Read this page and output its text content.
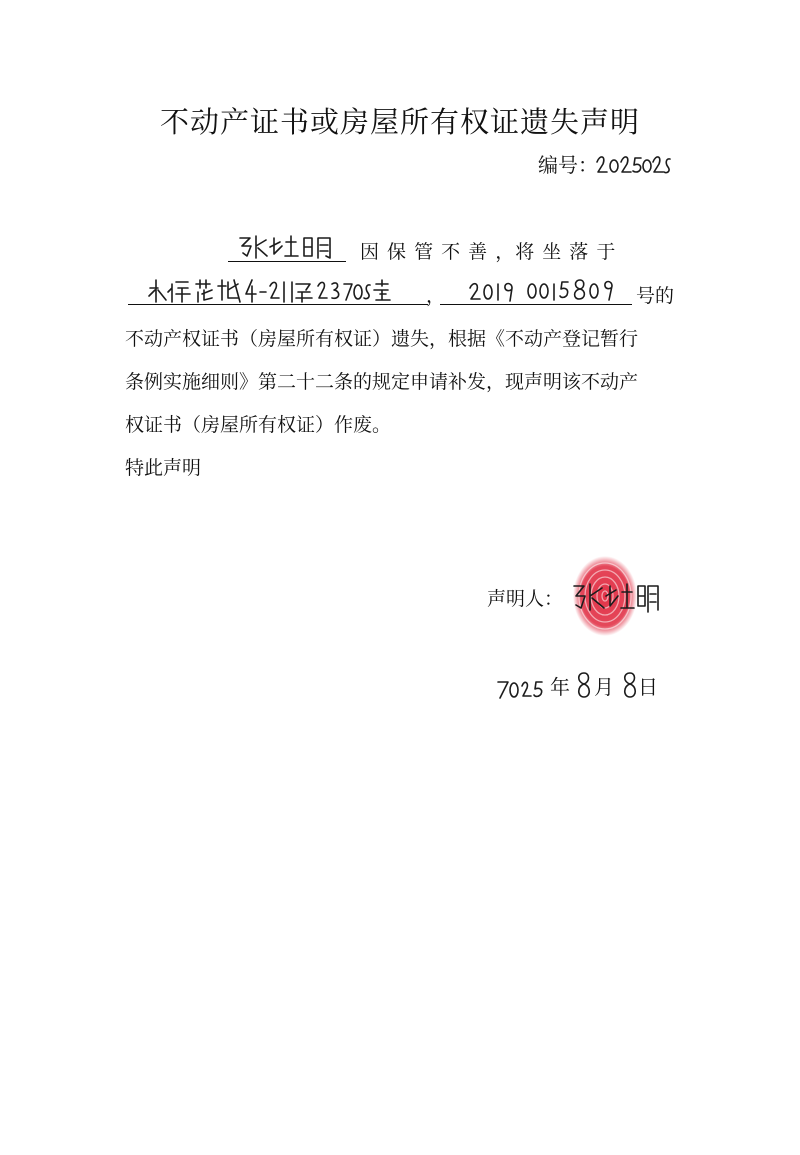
不动产证书或房屋所有权证遗失声明
编号：
因 保 管 不 善 ，将 坐 落 于
，	号的
不动产权证书（房屋所有权证）遗失，根据《不动产登记暂行
条例实施细则》第二十二条的规定申请补发，现声明该不动产
权证书（房屋所有权证）作废。
特此声明
声明人：
年 月 日
